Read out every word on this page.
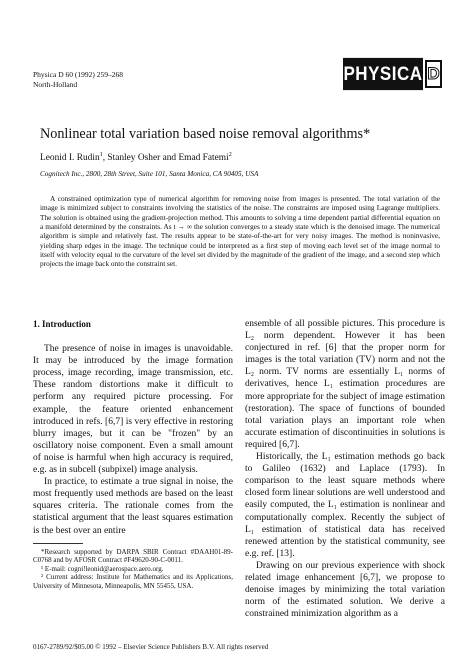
Physica D 60 (1992) 259–268
North-Holland	PHYSICA D
Nonlinear total variation based noise removal algorithms*
Leonid I. Rudin$^1$, Stanley Osher and Emad Fatemi$^2$
Cognitech Inc., 2800, 28th Street, Suite 101, Santa Monica, CA 90405, USA
A constrained optimization type of numerical algorithm for removing noise from images is presented. The total variation of the image is minimized subject to constraints involving the statistics of the noise. The constraints are imposed using Lagrange multipliers. The solution is obtained using the gradient-projection method. This amounts to solving a time dependent partial differential equation on a manifold determined by the constraints. As t → ∞ the solution converges to a steady state which is the denoised image. The numerical algorithm is simple and relatively fast. The results appear to be state-of-the-art for very noisy images. The method is noninvasive, yielding sharp edges in the image. The technique could be interpreted as a first step of moving each level set of the image normal to itself with velocity equal to the curvature of the level set divided by the magnitude of the gradient of the image, and a second step which projects the image back onto the constraint set.
1. Introduction

The presence of noise in images is unavoidable. It may be introduced by the image formation process, image recording, image transmission, etc. These random distortions make it difficult to perform any required picture processing. For example, the feature oriented enhancement introduced in refs. [6,7] is very effective in restoring blurry images, but it can be "frozen" by an oscillatory noise component. Even a small amount of noise is harmful when high accuracy is required, e.g. as in subcell (subpixel) image analysis.

In practice, to estimate a true signal in noise, the most frequently used methods are based on the least squares criteria. The rationale comes from the statistical argument that the least squares estimation is the best over an entire

*Research supported by DARPA SBIR Contract #DAAH01-89-C0768 and by AFOSR Contract #F49620-90-C-0011.

¹ E-mail: cogni!leonid@aerospace.aero.org.

² Current address: Institute for Mathematics and its Applications, University of Minnesota, Minneapolis, MN 55455, USA.

ensemble of all possible pictures. This procedure is L₂ norm dependent. However it has been conjectured in ref. [6] that the proper norm for images is the total variation (TV) norm and not the L₂ norm. TV norms are essentially L₁ norms of derivatives, hence L₁ estimation procedures are more appropriate for the subject of image estimation (restoration). The space of functions of bounded total variation plays an important role when accurate estimation of discontinuities in solutions is required [6,7].

Historically, the L₁ estimation methods go back to Galileo (1632) and Laplace (1793). In comparison to the least square methods where closed form linear solutions are well understood and easily computed, the L₁ estimation is nonlinear and computationally complex. Recently the subject of L₁ estimation of statistical data has received renewed attention by the statistical community, see e.g. ref. [13].

Drawing on our previous experience with shock related image enhancement [6,7], we propose to denoise images by minimizing the total variation norm of the estimated solution. We derive a constrained minimization algorithm as a

0167-2789/92/$05.00 © 1992 – Elsevier Science Publishers B.V. All rights reserved
